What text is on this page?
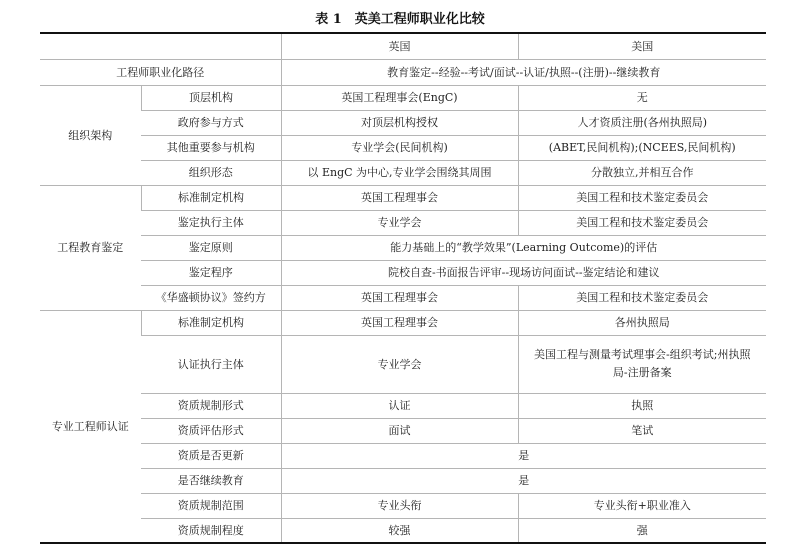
表 1　英美工程师职业化比较
		英国	美国
工程师职业化路径		教育鉴定--经验--考试/面试--认证/执照--(注册)--继续教育	
组织架构	顶层机构	英国工程理事会(EngC)	无
	政府参与方式	对顶层机构授权	人才资质注册(各州执照局)
	其他重要参与机构	专业学会(民间机构)	(ABET,民间机构);(NCEES,民间机构)
	组织形态	以 EngC 为中心,专业学会围绕其周围	分散独立,并相互合作
工程教育鉴定	标准制定机构	英国工程理事会	美国工程和技术鉴定委员会
	鉴定执行主体	专业学会	美国工程和技术鉴定委员会
	鉴定原则	能力基础上的“教学效果”(Learning Outcome)的评估	
	鉴定程序	院校自查-书面报告评审--现场访问面试--鉴定结论和建议	
	《华盛顿协议》签约方	英国工程理事会	美国工程和技术鉴定委员会
专业工程师认证	标准制定机构	英国工程理事会	各州执照局
	认证执行主体	专业学会	美国工程与测量考试理事会-组织考试;州执照局-注册备案
	资质规制形式	认证	执照
	资质评估形式	面试	笔试
	资质是否更新	是	
	是否继续教育	是	
	资质规制范围	专业头衔	专业头衔+职业准入
	资质规制程度	较强	强
